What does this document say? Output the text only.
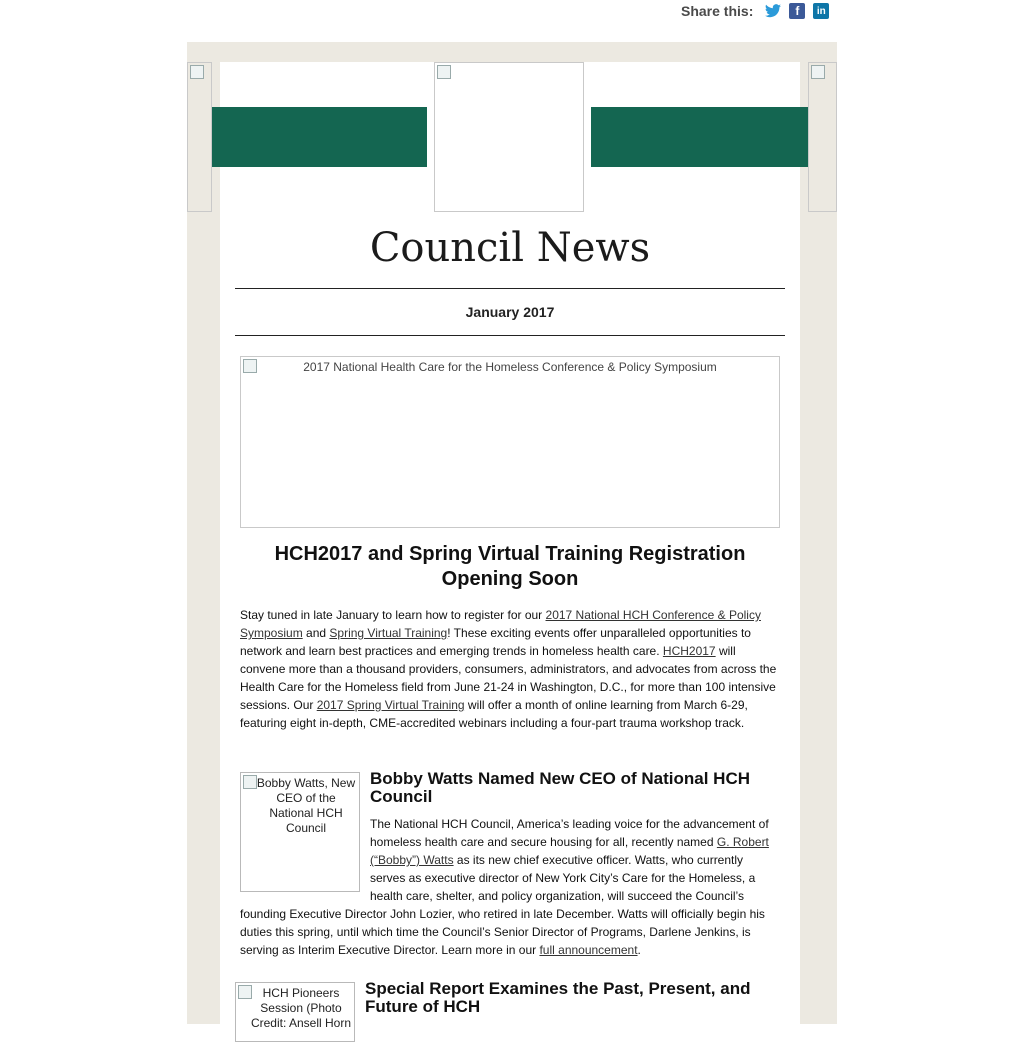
Share this:	f	in
Council News
January 2017
2017 National Health Care for the Homeless Conference & Policy Symposium
HCH2017 and Spring Virtual Training Registration Opening Soon
Stay tuned in late January to learn how to register for our 2017 National HCH Conference & Policy Symposium and Spring Virtual Training! These exciting events offer unparalleled opportunities to network and learn best practices and emerging trends in homeless health care. HCH2017 will convene more than a thousand providers, consumers, administrators, and advocates from across the Health Care for the Homeless field from June 21-24 in Washington, D.C., for more than 100 intensive sessions. Our 2017 Spring Virtual Training will offer a month of online learning from March 6-29, featuring eight in-depth, CME-accredited webinars including a four-part trauma workshop track.
Bobby Watts, New CEO of the National HCH Council
Bobby Watts Named New CEO of National HCH Council
The National HCH Council, America’s leading voice for the advancement of homeless health care and secure housing for all, recently named G. Robert (“Bobby”) Watts as its new chief executive officer. Watts, who currently serves as executive director of New York City’s Care for the Homeless, a health care, shelter, and policy organization, will succeed the Council’s founding Executive Director John Lozier, who retired in late December. Watts will officially begin his duties this spring, until which time the Council’s Senior Director of Programs, Darlene Jenkins, is serving as Interim Executive Director. Learn more in our full announcement.
HCH Pioneers Session (Photo Credit: Ansell Horn
Special Report Examines the Past, Present, and Future of HCH
